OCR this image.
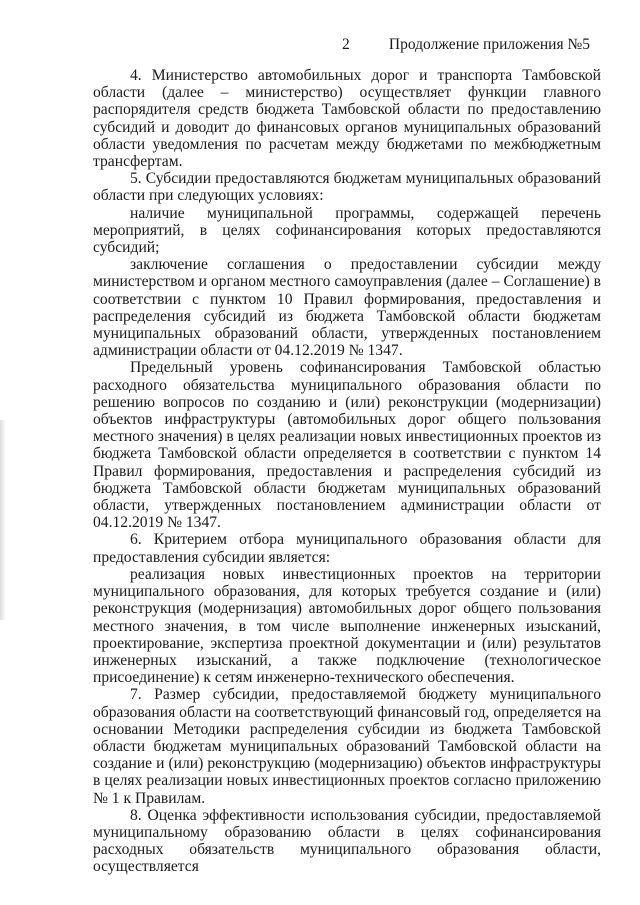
2	Продолжение приложения №5

4. Министерство автомобильных дорог и транспорта Тамбовской области (далее – министерство) осуществляет функции главного распорядителя средств бюджета Тамбовской области по предоставлению субсидий и доводит до финансовых органов муниципальных образований области уведомления по расчетам между бюджетами по межбюджетным трансфертам.

5. Субсидии предоставляются бюджетам муниципальных образований области при следующих условиях:

наличие муниципальной программы, содержащей перечень мероприятий, в целях софинансирования которых предоставляются субсидий;

заключение соглашения о предоставлении субсидии между министерством и органом местного самоуправления (далее – Соглашение) в соответствии с пунктом 10 Правил формирования, предоставления и распределения субсидий из бюджета Тамбовской области бюджетам муниципальных образований области, утвержденных постановлением администрации области от 04.12.2019 № 1347.

Предельный уровень софинансирования Тамбовской областью расходного обязательства муниципального образования области по решению вопросов по созданию и (или) реконструкции (модернизации) объектов инфраструктуры (автомобильных дорог общего пользования местного значения) в целях реализации новых инвестиционных проектов из бюджета Тамбовской области определяется в соответствии с пунктом 14 Правил формирования, предоставления и распределения субсидий из бюджета Тамбовской области бюджетам муниципальных образований области, утвержденных постановлением администрации области от 04.12.2019 № 1347.

6. Критерием отбора муниципального образования области для предоставления субсидии является:

реализация новых инвестиционных проектов на территории муниципального образования, для которых требуется создание и (или) реконструкция (модернизация) автомобильных дорог общего пользования местного значения, в том числе выполнение инженерных изысканий, проектирование, экспертиза проектной документации и (или) результатов инженерных изысканий, а также подключение (технологическое присоединение) к сетям инженерно-технического обеспечения.

7. Размер субсидии, предоставляемой бюджету муниципального образования области на соответствующий финансовый год, определяется на основании Методики распределения субсидии из бюджета Тамбовской области бюджетам муниципальных образований Тамбовской области на создание и (или) реконструкцию (модернизацию) объектов инфраструктуры в целях реализации новых инвестиционных проектов согласно приложению № 1 к Правилам.

8. Оценка эффективности использования субсидии, предоставляемой муниципальному образованию области в целях софинансирования расходных обязательств муниципального образования области, осуществляется
